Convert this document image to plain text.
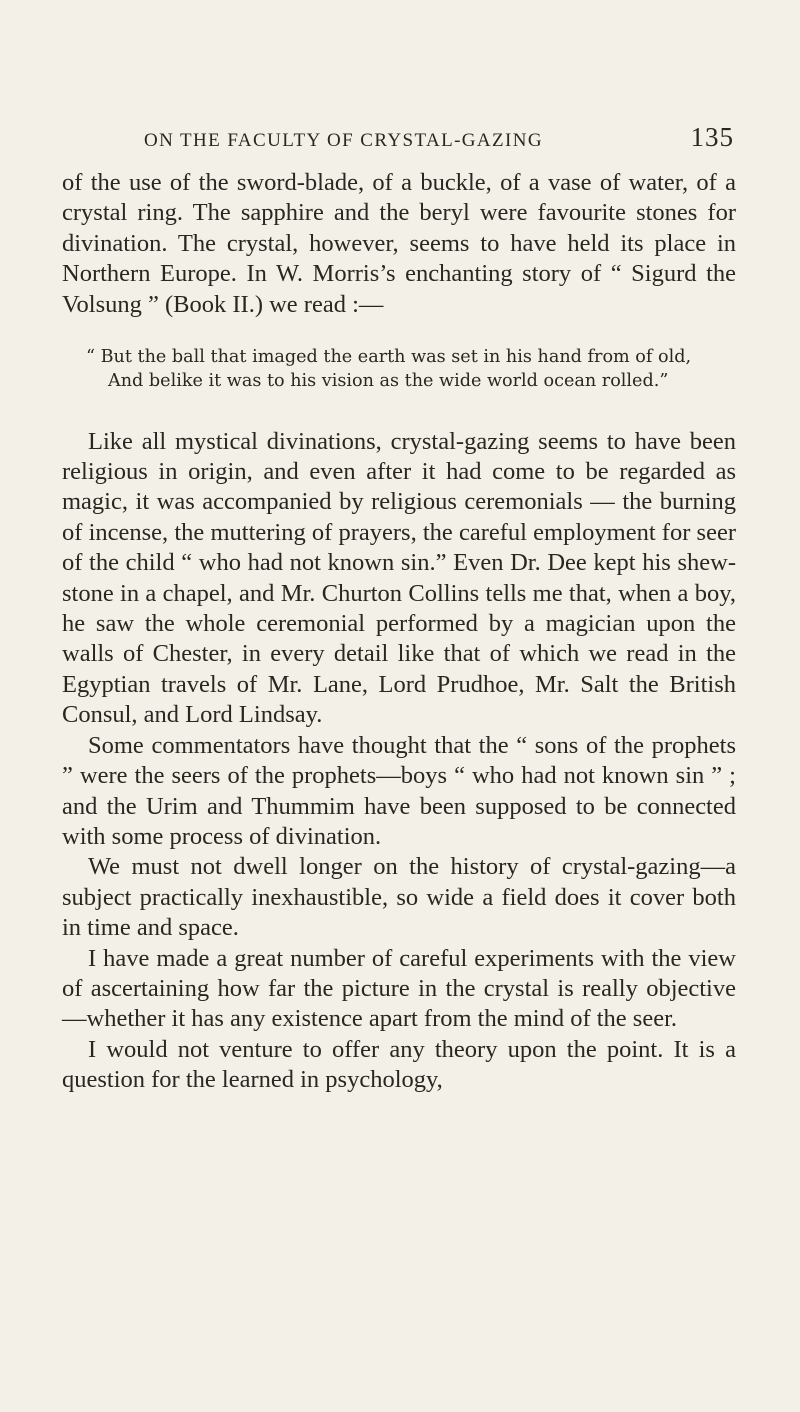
ON THE FACULTY OF CRYSTAL-GAZING	135

of the use of the sword-blade, of a buckle, of a vase of water, of a crystal ring. The sapphire and the beryl were favourite stones for divination. The crystal, however, seems to have held its place in Northern Europe. In W. Morris’s enchanting story of “ Sigurd the Volsung ” (Book II.) we read :—

“ But the ball that imaged the earth was set in his hand from of old,
And belike it was to his vision as the wide world ocean rolled.”

Like all mystical divinations, crystal-gazing seems to have been religious in origin, and even after it had come to be regarded as magic, it was accompanied by religious ceremonials — the burning of incense, the muttering of prayers, the careful employment for seer of the child “ who had not known sin.” Even Dr. Dee kept his shew-stone in a chapel, and Mr. Churton Collins tells me that, when a boy, he saw the whole ceremonial performed by a magician upon the walls of Chester, in every detail like that of which we read in the Egyptian travels of Mr. Lane, Lord Prudhoe, Mr. Salt the British Consul, and Lord Lindsay.

Some commentators have thought that the “ sons of the prophets ” were the seers of the prophets—boys “ who had not known sin ” ; and the Urim and Thummim have been supposed to be connected with some process of divination.

We must not dwell longer on the history of crystal-gazing—a subject practically inexhaustible, so wide a field does it cover both in time and space.

I have made a great number of careful experiments with the view of ascertaining how far the picture in the crystal is really objective—whether it has any existence apart from the mind of the seer.

I would not venture to offer any theory upon the point. It is a question for the learned in psychology,
